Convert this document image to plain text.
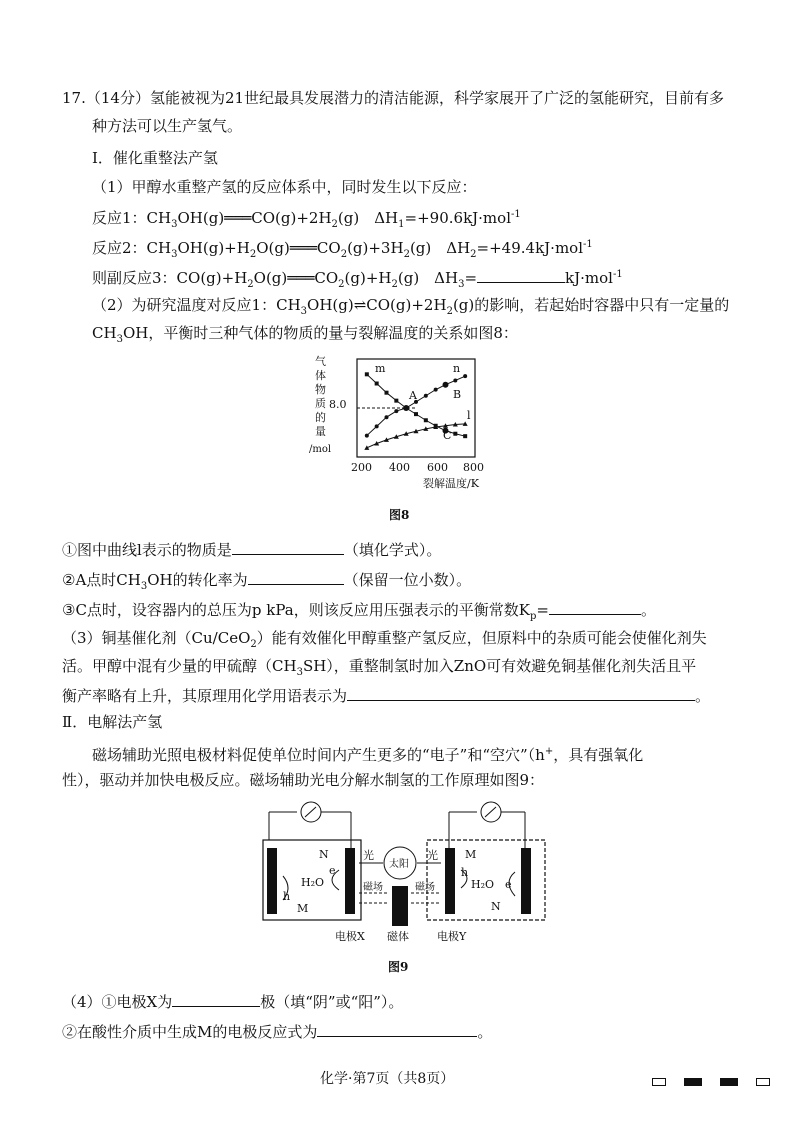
17.（14分）氢能被视为21世纪最具发展潜力的清洁能源，科学家展开了广泛的氢能研究，目前有多
种方法可以生产氢气。
Ⅰ．催化重整法产氢
（1）甲醇水重整产氢的反应体系中，同时发生以下反应：
反应1：$CH_3OH(g)═══CO(g)+2H_2(g)$　$\Delta H_1=+90.6kJ\cdot mol^{-1}$
反应2：$CH_3OH(g)+H_2O(g)═══CO_2(g)+3H_2(g)$　$\Delta H_2=+49.4kJ\cdot mol^{-1}$
则副反应3：$CO(g)+H_2O(g)═══CO_2(g)+H_2(g)$　$\Delta H_3=$	kJ·mol$^{-1}$
（2）为研究温度对反应1：$CH_3OH(g)\rightleftharpoons CO(g)+2H_2(g)$的影响，若起始时容器中只有一定量的
$CH_3OH$，平衡时三种气体的物质的量与裂解温度的关系如图8：
气
体
物
质
的
量
/mol
8.0
200 400 600 800
裂解温度/K
m	n
l
A	B
C
图8
①图中曲线l表示的物质是	（填化学式）。
②A点时$CH_3OH$的转化率为	（保留一位小数）。
③C点时，设容器内的总压为p kPa，则该反应用压强表示的平衡常数$K_p=$	。
（3）铜基催化剂（Cu/CeO$_2$）能有效催化甲醇重整产氢反应，但原料中的杂质可能会使催化剂失
活。甲醇中混有少量的甲硫醇$(CH_3SH)$，重整制氢时加入ZnO可有效避免铜基催化剂失活且平
衡产率略有上升，其原理用化学用语表示为	。
Ⅱ．电解法产氢
磁场辅助光照电极材料促使单位时间内产生更多的“电子”和“空穴”（h+，具有强氧化
性），驱动并加快电极反应。磁场辅助光电分解水制氢的工作原理如图9：
太阳
光	光
磁场	磁场
N
e
H₂O
h
M
M
h
H₂O e
N
电极X 磁体	电极Y
图9
（4）①电极X为	极（填“阴”或“阳”）。
②在酸性介质中生成M的电极反应式为	。
化学·第7页（共8页）
